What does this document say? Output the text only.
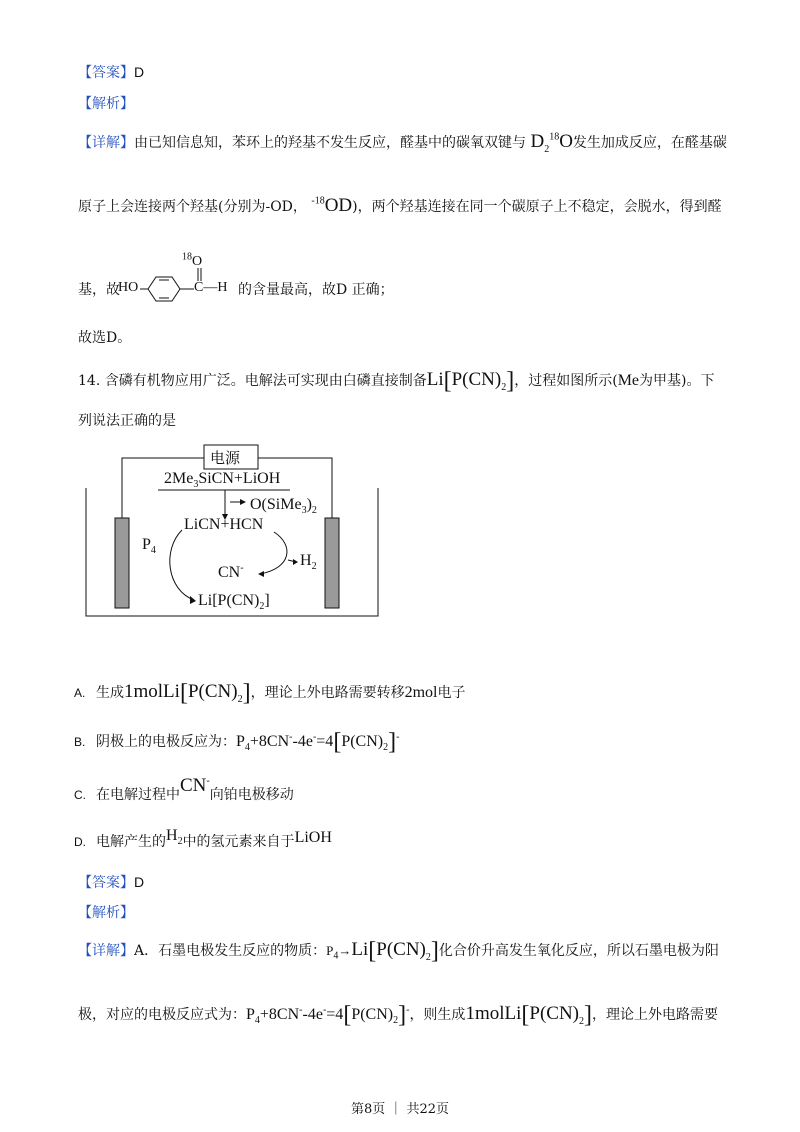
【答案】D
【解析】
【详解】由已知信息知，苯环上的羟基不发生反应，醛基中的碳氧双键与 $D_2^{18}O$发生加成反应，在醛基碳
原子上会连接两个羟基(分别为-OD， $^{-18}$OD)，两个羟基连接在同一个碳原子上不稳定，会脱水，得到醛
基，故
HO
$^{18}$O
C—H 的含量最高，故D 正确；
故选D。
14. 含磷有机物应用广泛。电解法可实现由白磷直接制备$Li[P(CN)_2]$，过程如图所示(Me为甲基)。下
列说法正确的是
电源
$2Me_3SiCN+LiOH$
$O(SiMe_3)_2$
LiCN+HCN
$P_4$
$H_2$
CN-
$Li[P(CN)_2]$
A. 生成$1molLi[P(CN)_2]$，理论上外电路需要转移2mol电子
B. 阴极上的电极反应为：$P_4+8CN^--4e^-=4[P(CN)_2]^-$
C. 在电解过程中CN-向铂电极移动
D. 电解产生的$H_2$中的氢元素来自于LiOH
【答案】D
【解析】
【详解】A．石墨电极发生反应的物质：$P_4\to Li[P(CN)_2]$化合价升高发生氧化反应，所以石墨电极为阳
极，对应的电极反应式为：$P_4+8CN^--4e^-=4[P(CN)_2]^-$，则生成$1molLi[P(CN)_2]$，理论上外电路需要
第8页 ｜ 共22页
